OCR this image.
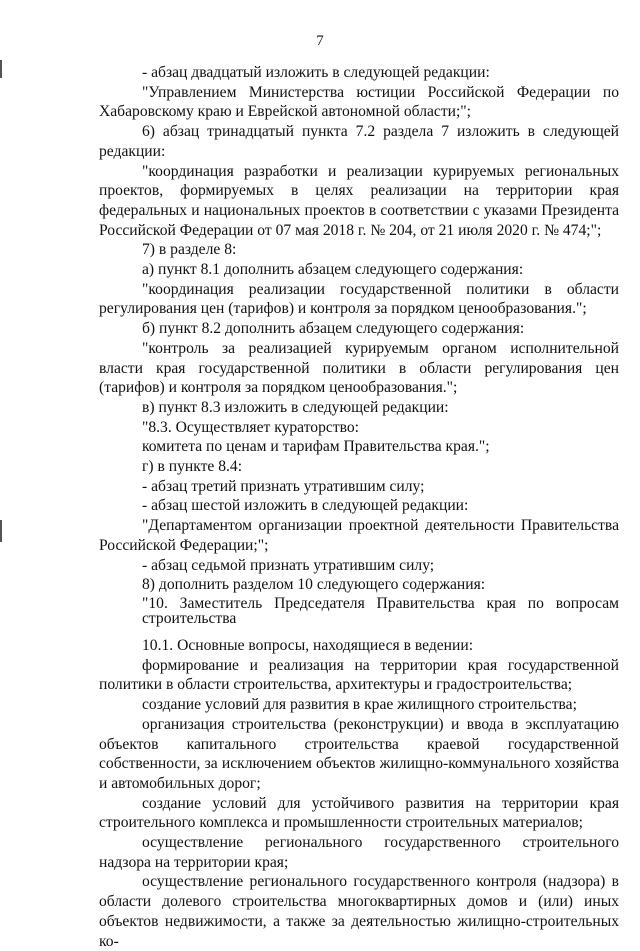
7

- абзац двадцатый изложить в следующей редакции:

"Управлением Министерства юстиции Российской Федерации по Хабаровскому краю и Еврейской автономной области;";

6) абзац тринадцатый пункта 7.2 раздела 7 изложить в следующей редакции:

"координация разработки и реализации курируемых региональных проектов, формируемых в целях реализации на территории края федеральных и национальных проектов в соответствии с указами Президента Российской Федерации от 07 мая 2018 г. № 204, от 21 июля 2020 г. № 474;";

7) в разделе 8:

а) пункт 8.1 дополнить абзацем следующего содержания:

"координация реализации государственной политики в области регулирования цен (тарифов) и контроля за порядком ценообразования.";

б) пункт 8.2 дополнить абзацем следующего содержания:

"контроль за реализацией курируемым органом исполнительной власти края государственной политики в области регулирования цен (тарифов) и контроля за порядком ценообразования.";

в) пункт 8.3 изложить в следующей редакции:

"8.3. Осуществляет кураторство:

комитета по ценам и тарифам Правительства края.";

г) в пункте 8.4:

- абзац третий признать утратившим силу;

- абзац шестой изложить в следующей редакции:

"Департаментом организации проектной деятельности Правительства Российской Федерации;";

- абзац седьмой признать утратившим силу;

8) дополнить разделом 10 следующего содержания:

"10. Заместитель Председателя Правительства края по вопросам строительства

10.1. Основные вопросы, находящиеся в ведении:

формирование и реализация на территории края государственной политики в области строительства, архитектуры и градостроительства;

создание условий для развития в крае жилищного строительства;

организация строительства (реконструкции) и ввода в эксплуатацию объектов капитального строительства краевой государственной собственности, за исключением объектов жилищно-коммунального хозяйства и автомобильных дорог;

создание условий для устойчивого развития на территории края строительного комплекса и промышленности строительных материалов;

осуществление регионального государственного строительного надзора на территории края;

осуществление регионального государственного контроля (надзора) в области долевого строительства многоквартирных домов и (или) иных объектов недвижимости, а также за деятельностью жилищно-строительных ко-
